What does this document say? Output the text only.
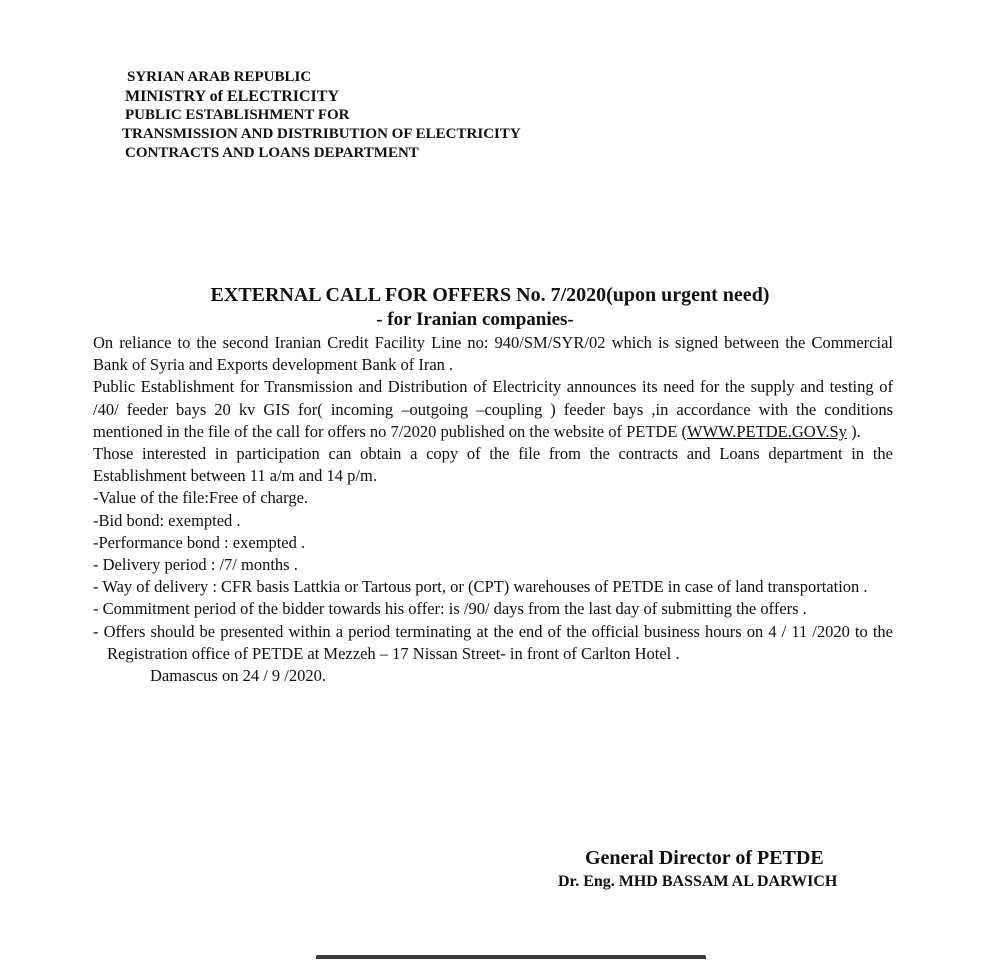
SYRIAN ARAB REPUBLIC
MINISTRY of ELECTRICITY
PUBLIC ESTABLISHMENT FOR
TRANSMISSION AND DISTRIBUTION OF ELECTRICITY
CONTRACTS AND LOANS DEPARTMENT
EXTERNAL CALL FOR OFFERS No. 7/2020(upon urgent need)
- for Iranian companies-

On reliance to the second Iranian Credit Facility Line no: 940/SM/SYR/02 which is signed between the Commercial Bank of Syria and Exports development Bank of Iran .

Public Establishment for Transmission and Distribution of Electricity announces its need for the supply and testing of /40/ feeder bays 20 kv GIS for( incoming –outgoing –coupling ) feeder bays ,in accordance with the conditions mentioned in the file of the call for offers no 7/2020 published on the website of PETDE (WWW.PETDE.GOV.Sy ).

Those interested in participation can obtain a copy of the file from the contracts and Loans department in the Establishment between 11 a/m and 14 p/m.

-Value of the file:Free of charge.

-Bid bond: exempted .

-Performance bond : exempted .

- Delivery period : /7/ months .

- Way of delivery : CFR basis Lattkia or Tartous port, or (CPT) warehouses of PETDE in case of land transportation .

- Commitment period of the bidder towards his offer: is /90/ days from the last day of submitting the offers .

- Offers should be presented within a period terminating at the end of the official business hours on 4 / 11 /2020 to the Registration office of PETDE at Mezzeh – 17 Nissan Street- in front of Carlton Hotel .

Damascus on 24 / 9 /2020.

General Director of PETDE
Dr. Eng. MHD BASSAM AL DARWICH
